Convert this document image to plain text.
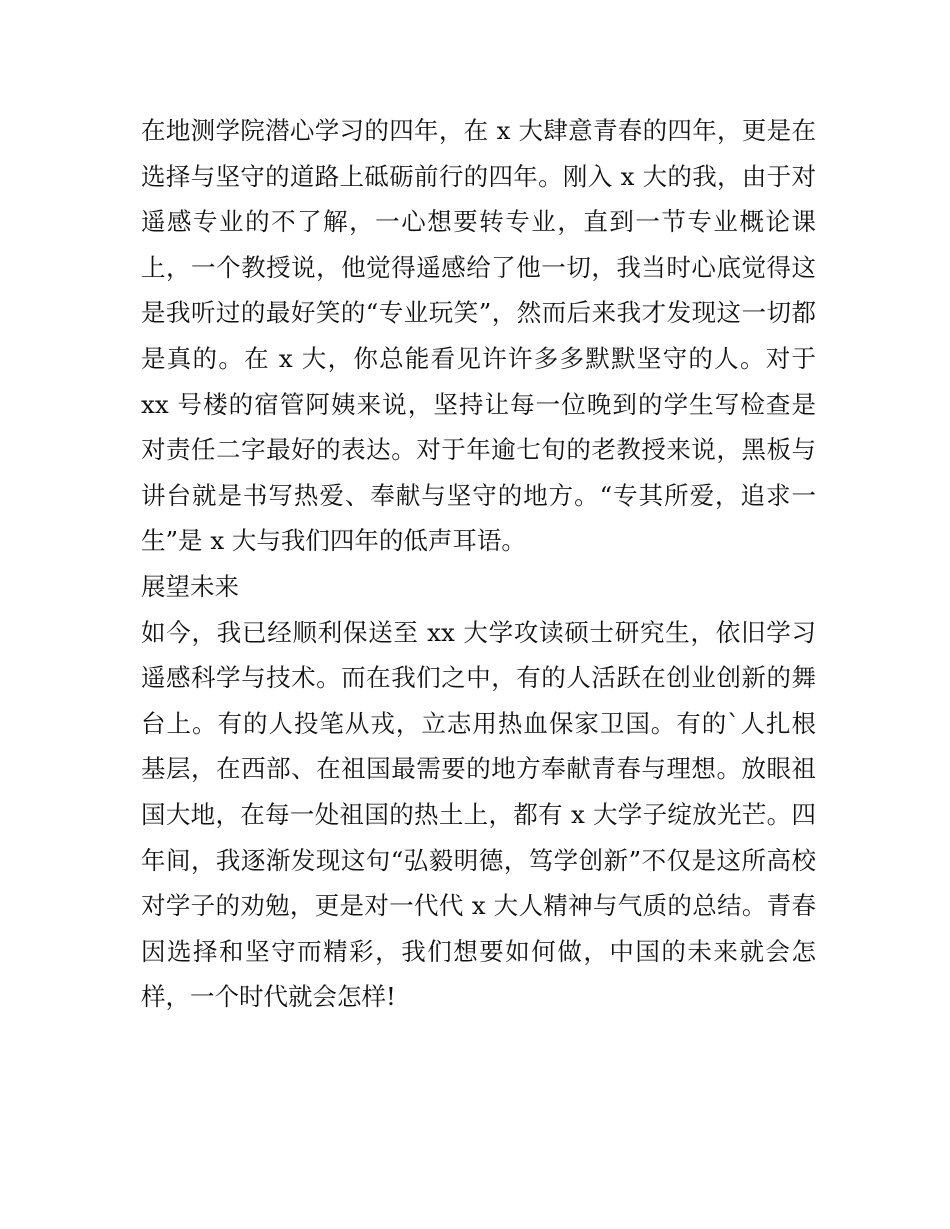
在地测学院潜心学习的四年，在 x 大肆意青春的四年，更是在
选择与坚守的道路上砥砺前行的四年。刚入 x 大的我，由于对
遥感专业的不了解，一心想要转专业，直到一节专业概论课
上，一个教授说，他觉得遥感给了他一切，我当时心底觉得这
是我听过的最好笑的“专业玩笑”，然而后来我才发现这一切都
是真的。在 x 大，你总能看见许许多多默默坚守的人。对于
xx 号楼的宿管阿姨来说，坚持让每一位晚到的学生写检查是
对责任二字最好的表达。对于年逾七旬的老教授来说，黑板与
讲台就是书写热爱、奉献与坚守的地方。“专其所爱，追求一
生”是 x 大与我们四年的低声耳语。
展望未来
如今，我已经顺利保送至 xx 大学攻读硕士研究生，依旧学习
遥感科学与技术。而在我们之中，有的人活跃在创业创新的舞
台上。有的人投笔从戎，立志用热血保家卫国。有的`人扎根
基层，在西部、在祖国最需要的地方奉献青春与理想。放眼祖
国大地，在每一处祖国的热土上，都有 x 大学子绽放光芒。四
年间，我逐渐发现这句“弘毅明德，笃学创新”不仅是这所高校
对学子的劝勉，更是对一代代 x 大人精神与气质的总结。青春
因选择和坚守而精彩，我们想要如何做，中国的未来就会怎
样，一个时代就会怎样!
